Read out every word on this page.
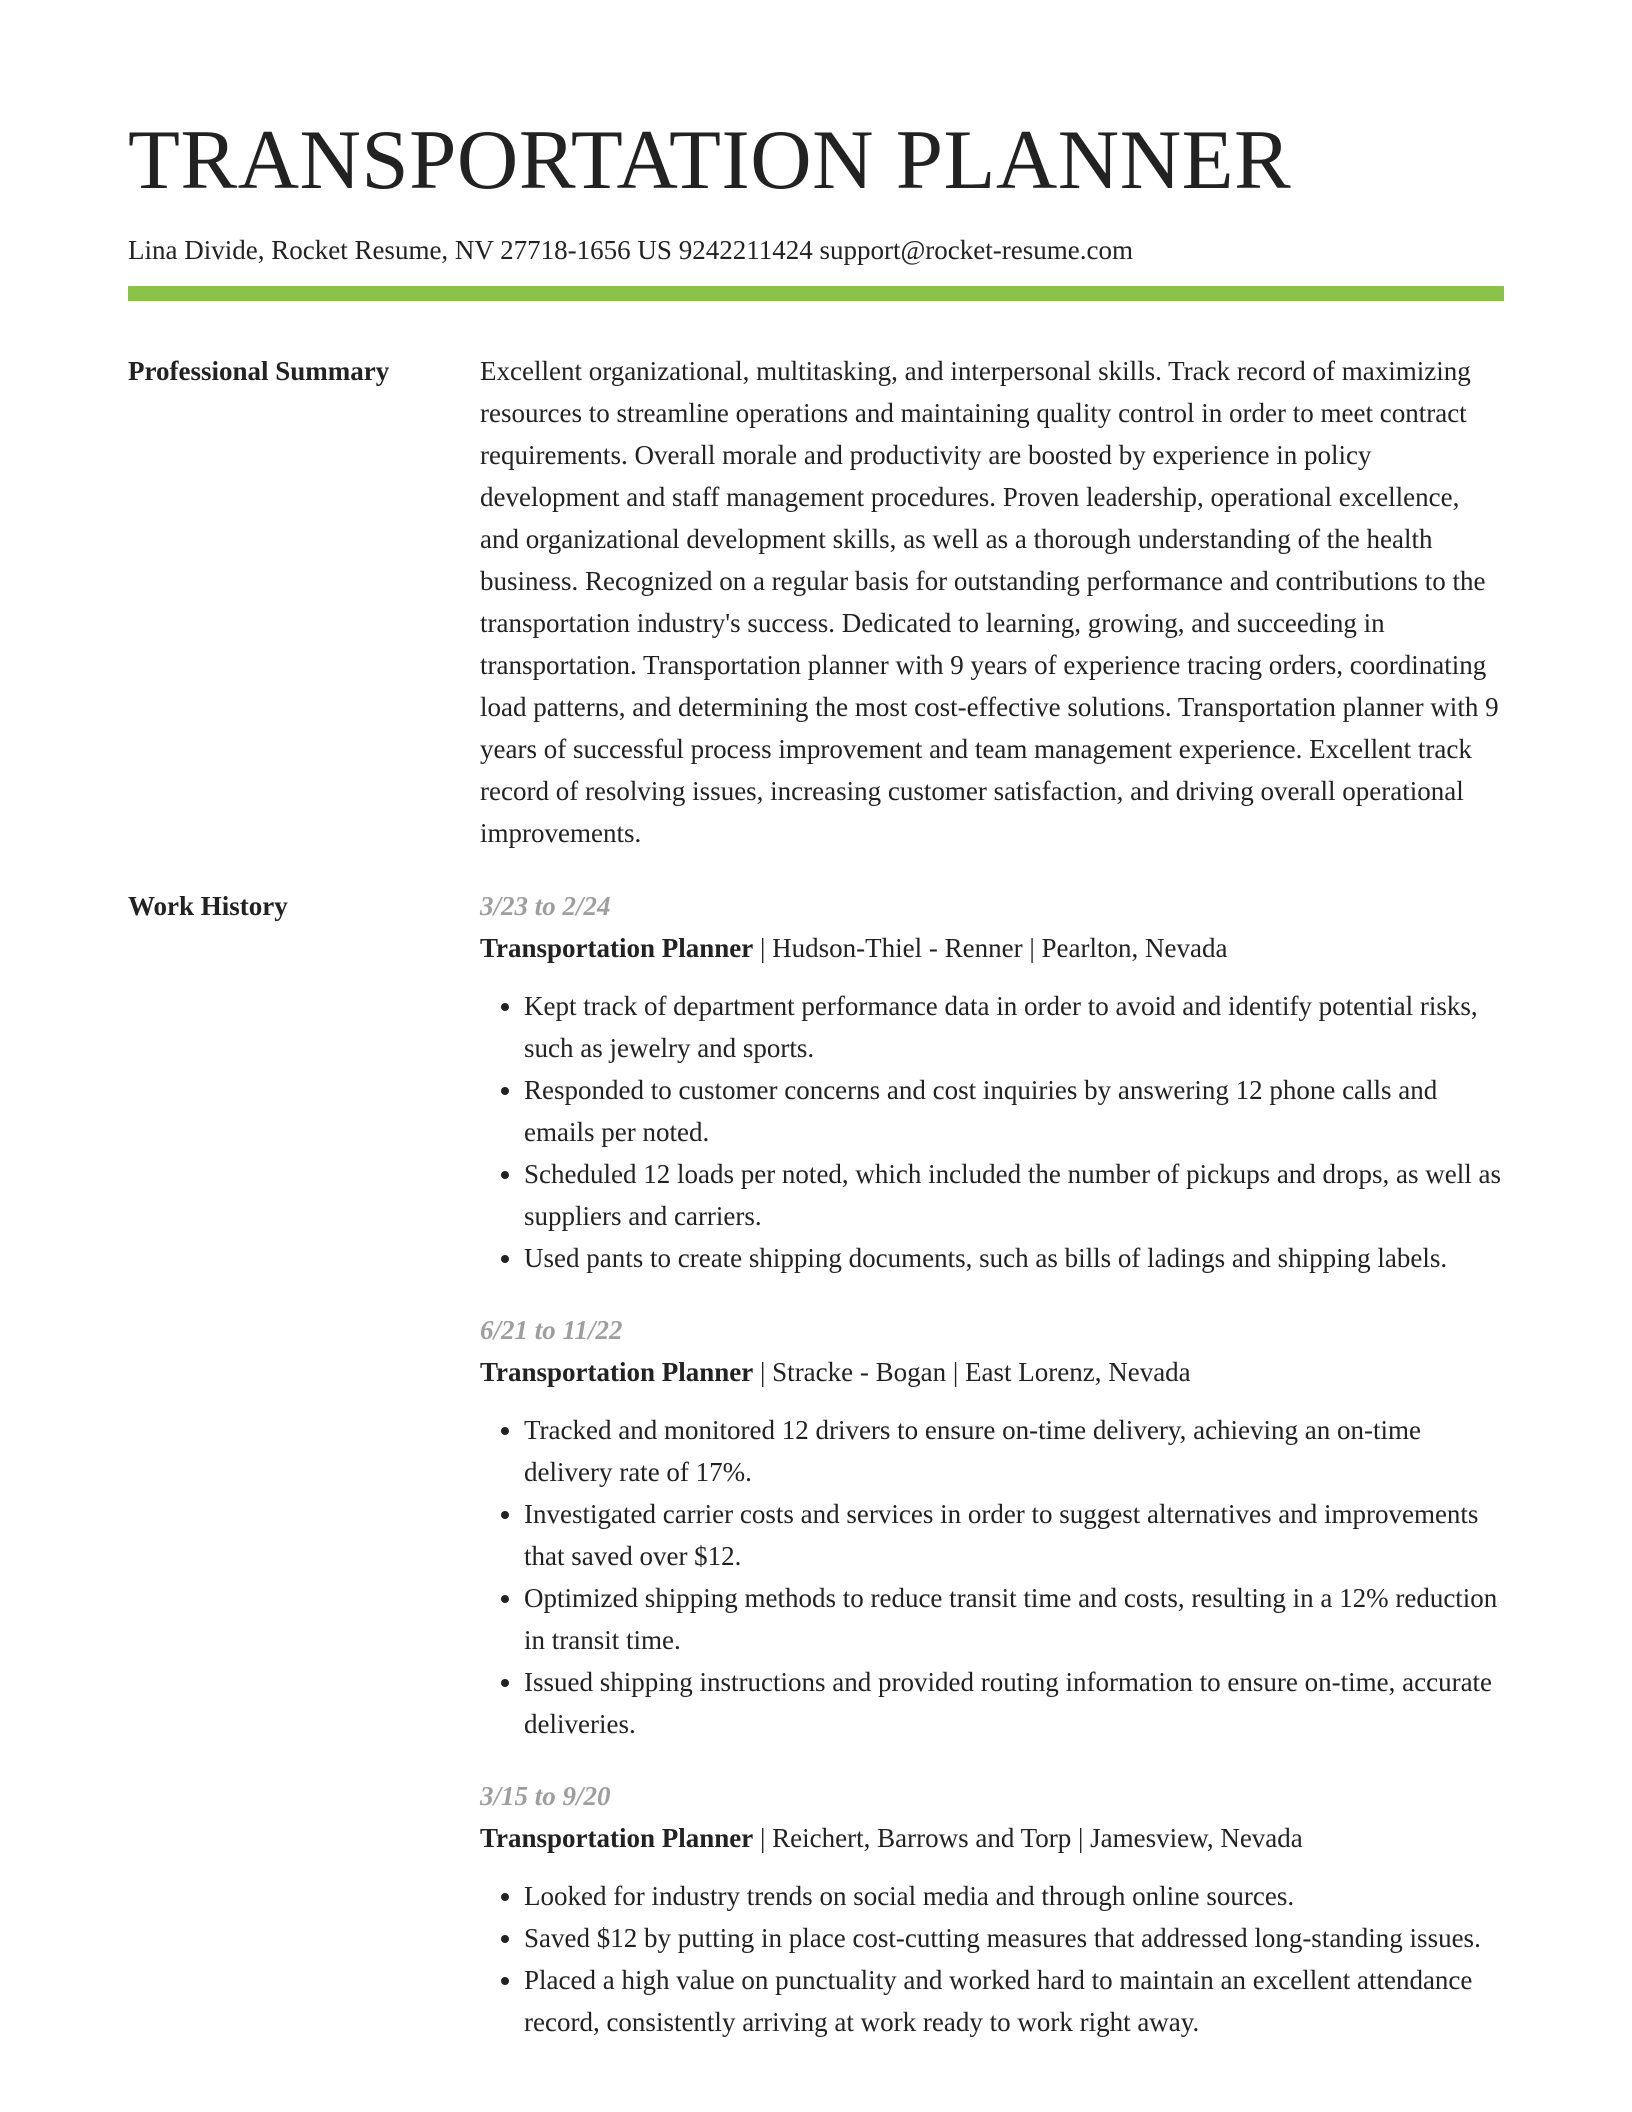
TRANSPORTATION PLANNER
Lina Divide, Rocket Resume, NV 27718-1656 US 9242211424 support@rocket-resume.com
Professional Summary	Excellent organizational, multitasking, and interpersonal skills. Track record of maximizing resources to streamline operations and maintaining quality control in order to meet contract requirements. Overall morale and productivity are boosted by experience in policy development and staff management procedures. Proven leadership, operational excellence, and organizational development skills, as well as a thorough understanding of the health business. Recognized on a regular basis for outstanding performance and contributions to the transportation industry's success. Dedicated to learning, growing, and succeeding in transportation. Transportation planner with 9 years of experience tracing orders, coordinating load patterns, and determining the most cost-effective solutions. Transportation planner with 9 years of successful process improvement and team management experience. Excellent track record of resolving issues, increasing customer satisfaction, and driving overall operational improvements.

Work History	3/23 to 2/24
Transportation Planner | Hudson-Thiel - Renner | Pearlton, Nevada
• Kept track of department performance data in order to avoid and identify potential risks, such as jewelry and sports.
• Responded to customer concerns and cost inquiries by answering 12 phone calls and emails per noted.
• Scheduled 12 loads per noted, which included the number of pickups and drops, as well as suppliers and carriers.
• Used pants to create shipping documents, such as bills of ladings and shipping labels.
6/21 to 11/22
Transportation Planner | Stracke - Bogan | East Lorenz, Nevada
• Tracked and monitored 12 drivers to ensure on-time delivery, achieving an on-time delivery rate of 17%.
• Investigated carrier costs and services in order to suggest alternatives and improvements that saved over $12.
• Optimized shipping methods to reduce transit time and costs, resulting in a 12% reduction in transit time.
• Issued shipping instructions and provided routing information to ensure on-time, accurate deliveries.
3/15 to 9/20
Transportation Planner | Reichert, Barrows and Torp | Jamesview, Nevada
• Looked for industry trends on social media and through online sources.
• Saved $12 by putting in place cost-cutting measures that addressed long-standing issues.
• Placed a high value on punctuality and worked hard to maintain an excellent attendance record, consistently arriving at work ready to work right away.
